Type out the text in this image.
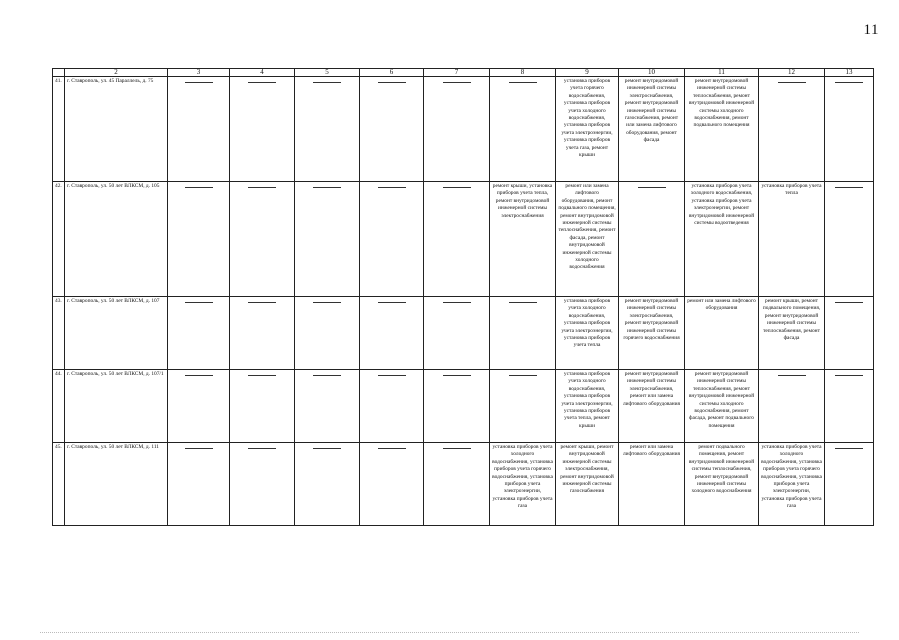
11
	2	3	4	5	6	7	8	9	10	11	12	13
41.	г. Ставрополь, ул. 45 Параллель, д. 75							установка приборов учета горячего водоснабжения, установка приборов учета холодного водоснабжения, установка приборов учета электроэнергии, установка приборов учета газа, ремонт крыши	ремонт внутридомовой инженерной системы электроснабжения, ремонт внутридомовой инженерной системы газоснабжения, ремонт или замена лифтового оборудования, ремонт фасада	ремонт внутридомовой инженерной системы теплоснабжения, ремонт внутридомовой инженерной системы холодного водоснабжения, ремонт подвального помещения	

42.	г. Ставрополь, ул. 50 лет ВЛКСМ, д. 105						ремонт крыши, установка приборов учета тепла, ремонт внутридомовой инженерной системы электроснабжения	ремонт или замена лифтового оборудования, ремонт подвального помещения, ремонт внутридомовой инженерной системы теплоснабжения, ремонт фасада, ремонт внутридомовой инженерной системы холодного водоснабжения		установка приборов учета холодного водоснабжения, установка приборов учета электроэнергии, ремонт внутридомовой инженерной системы водоотведения	установка приборов учета тепла	

43.	г. Ставрополь, ул. 50 лет ВЛКСМ, д. 107							установка приборов учета холодного водоснабжения, установка приборов учета электроэнергии, установка приборов учета тепла	ремонт внутридомовой инженерной системы электроснабжения, ремонт внутридомовой инженерной системы горячего водоснабжения	ремонт или замена лифтового оборудования	ремонт крыши, ремонт подвального помещения, ремонт внутридомовой инженерной системы теплоснабжения, ремонт фасада	

44.	г. Ставрополь, ул. 50 лет ВЛКСМ, д. 107/1							установка приборов учета холодного водоснабжения, установка приборов учета электроэнергии, установка приборов учета тепла, ремонт крыши	ремонт внутридомовой инженерной системы электроснабжения, ремонт или замена лифтового оборудования	ремонт внутридомовой инженерной системы теплоснабжения, ремонт внутридомовой инженерной системы холодного водоснабжения, ремонт фасада, ремонт подвального помещения	

45.	г. Ставрополь, ул. 50 лет ВЛКСМ, д. 111						установка приборов учета холодного водоснабжения, установка приборов учета горячего водоснабжения, установка приборов учета электроэнергии, установка приборов учета газа	ремонт крыши, ремонт внутридомовой инженерной системы электроснабжения, ремонт внутридомовой инженерной системы газоснабжения	ремонт или замена лифтового оборудования	ремонт подвального помещения, ремонт внутридомовой инженерной системы теплоснабжения, ремонт внутридомовой инженерной системы холодного водоснабжения	установка приборов учета холодного водоснабжения, установка приборов учета горячего водоснабжения, установка приборов учета электроэнергии, установка приборов учета газа	
